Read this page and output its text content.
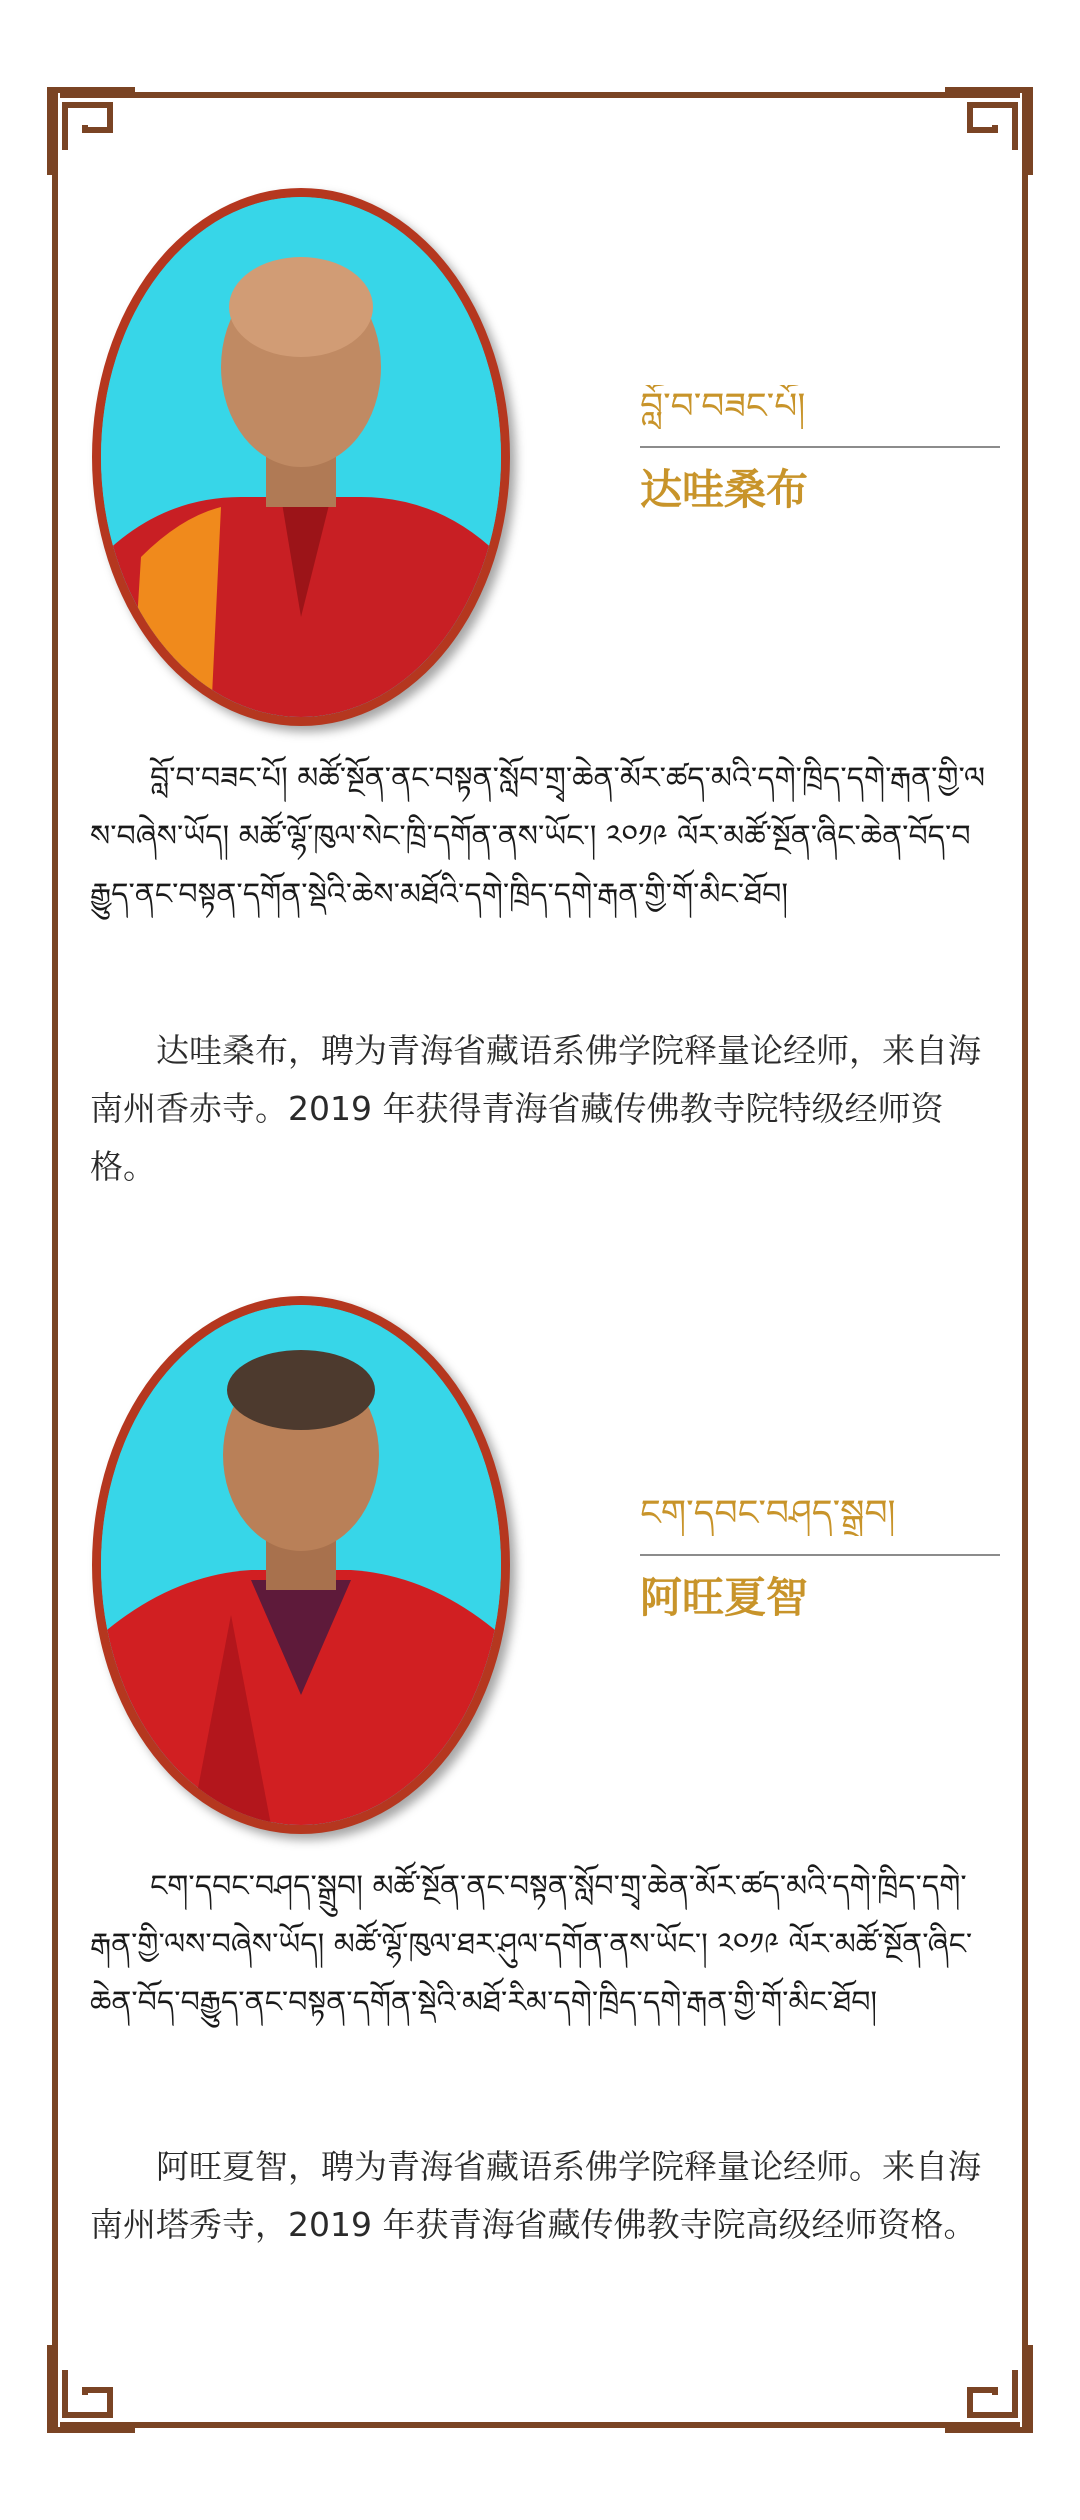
བློ་བ་བཟང་པོ།
达哇桑布
བློ་བ་བཟང་པོ། མཚོ་སྔོན་ནང་བསྟན་སློབ་གྲྭ་ཆེན་མོར་ཚད་མའི་དགེ་ཁྲིད་དགེ་རྒན་གྱི་ལས་བཞེས་ཡོད། མཚོ་ལྷོ་ཁུལ་སེང་ཁྲི་དགོན་ནས་ཡོང་། ༢༠༡༩ ལོར་མཚོ་སྔོན་ཞིང་ཆེན་བོད་བརྒྱུད་ནང་བསྟན་དགོན་སྡེའི་ཆེས་མཐོའི་དགེ་ཁྲིད་དགེ་རྒན་གྱི་གོ་མིང་ཐོབ།
达哇桑布，聘为青海省藏语系佛学院释量论经师，来自海南州香赤寺。2019 年获得青海省藏传佛教寺院特级经师资格。
ངག་དབང་བཤད་སྒྲུབ།
阿旺夏智
ངག་དབང་བཤད་སྒྲུབ། མཚོ་སྔོན་ནང་བསྟན་སློབ་གྲྭ་ཆེན་མོར་ཚད་མའི་དགེ་ཁྲིད་དགེ་རྒན་གྱི་ལས་བཞེས་ཡོད། མཚོ་ལྷོ་ཁུལ་ཐར་ཤུལ་དགོན་ནས་ཡོང་། ༢༠༡༩ ལོར་མཚོ་སྔོན་ཞིང་ཆེན་བོད་བརྒྱུད་ནང་བསྟན་དགོན་སྡེའི་མཐོ་རིམ་དགེ་ཁྲིད་དགེ་རྒན་གྱི་གོ་མིང་ཐོབ།
阿旺夏智，聘为青海省藏语系佛学院释量论经师。来自海南州塔秀寺，2019 年获青海省藏传佛教寺院高级经师资格。
